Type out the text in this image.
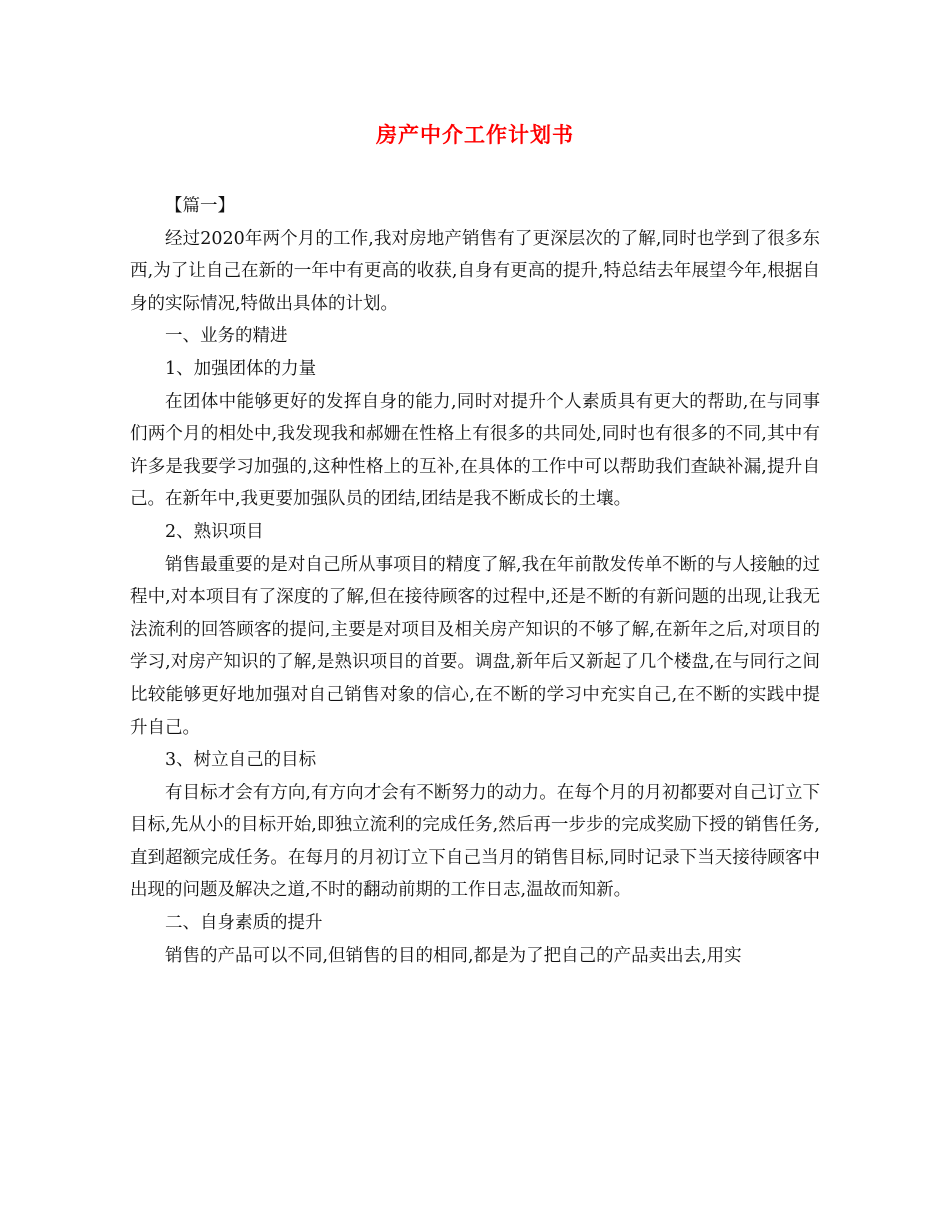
房产中介工作计划书

【篇一】

经过2020年两个月的工作,我对房地产销售有了更深层次的了解,同时也学到了很多东西,为了让自己在新的一年中有更高的收获,自身有更高的提升,特总结去年展望今年,根据自身的实际情况,特做出具体的计划。

一、业务的精进

1、加强团体的力量

在团体中能够更好的发挥自身的能力,同时对提升个人素质具有更大的帮助,在与同事们两个月的相处中,我发现我和郝姗在性格上有很多的共同处,同时也有很多的不同,其中有许多是我要学习加强的,这种性格上的互补,在具体的工作中可以帮助我们查缺补漏,提升自己。在新年中,我更要加强队员的团结,团结是我不断成长的土壤。

2、熟识项目

销售最重要的是对自己所从事项目的精度了解,我在年前散发传单不断的与人接触的过程中,对本项目有了深度的了解,但在接待顾客的过程中,还是不断的有新问题的出现,让我无法流利的回答顾客的提问,主要是对项目及相关房产知识的不够了解,在新年之后,对项目的学习,对房产知识的了解,是熟识项目的首要。调盘,新年后又新起了几个楼盘,在与同行之间比较能够更好地加强对自己销售对象的信心,在不断的学习中充实自己,在不断的实践中提升自己。

3、树立自己的目标

有目标才会有方向,有方向才会有不断努力的动力。在每个月的月初都要对自己订立下目标,先从小的目标开始,即独立流利的完成任务,然后再一步步的完成奖励下授的销售任务,直到超额完成任务。在每月的月初订立下自己当月的销售目标,同时记录下当天接待顾客中出现的问题及解决之道,不时的翻动前期的工作日志,温故而知新。

二、自身素质的提升

销售的产品可以不同,但销售的目的相同,都是为了把自己的产品卖出去,用实
